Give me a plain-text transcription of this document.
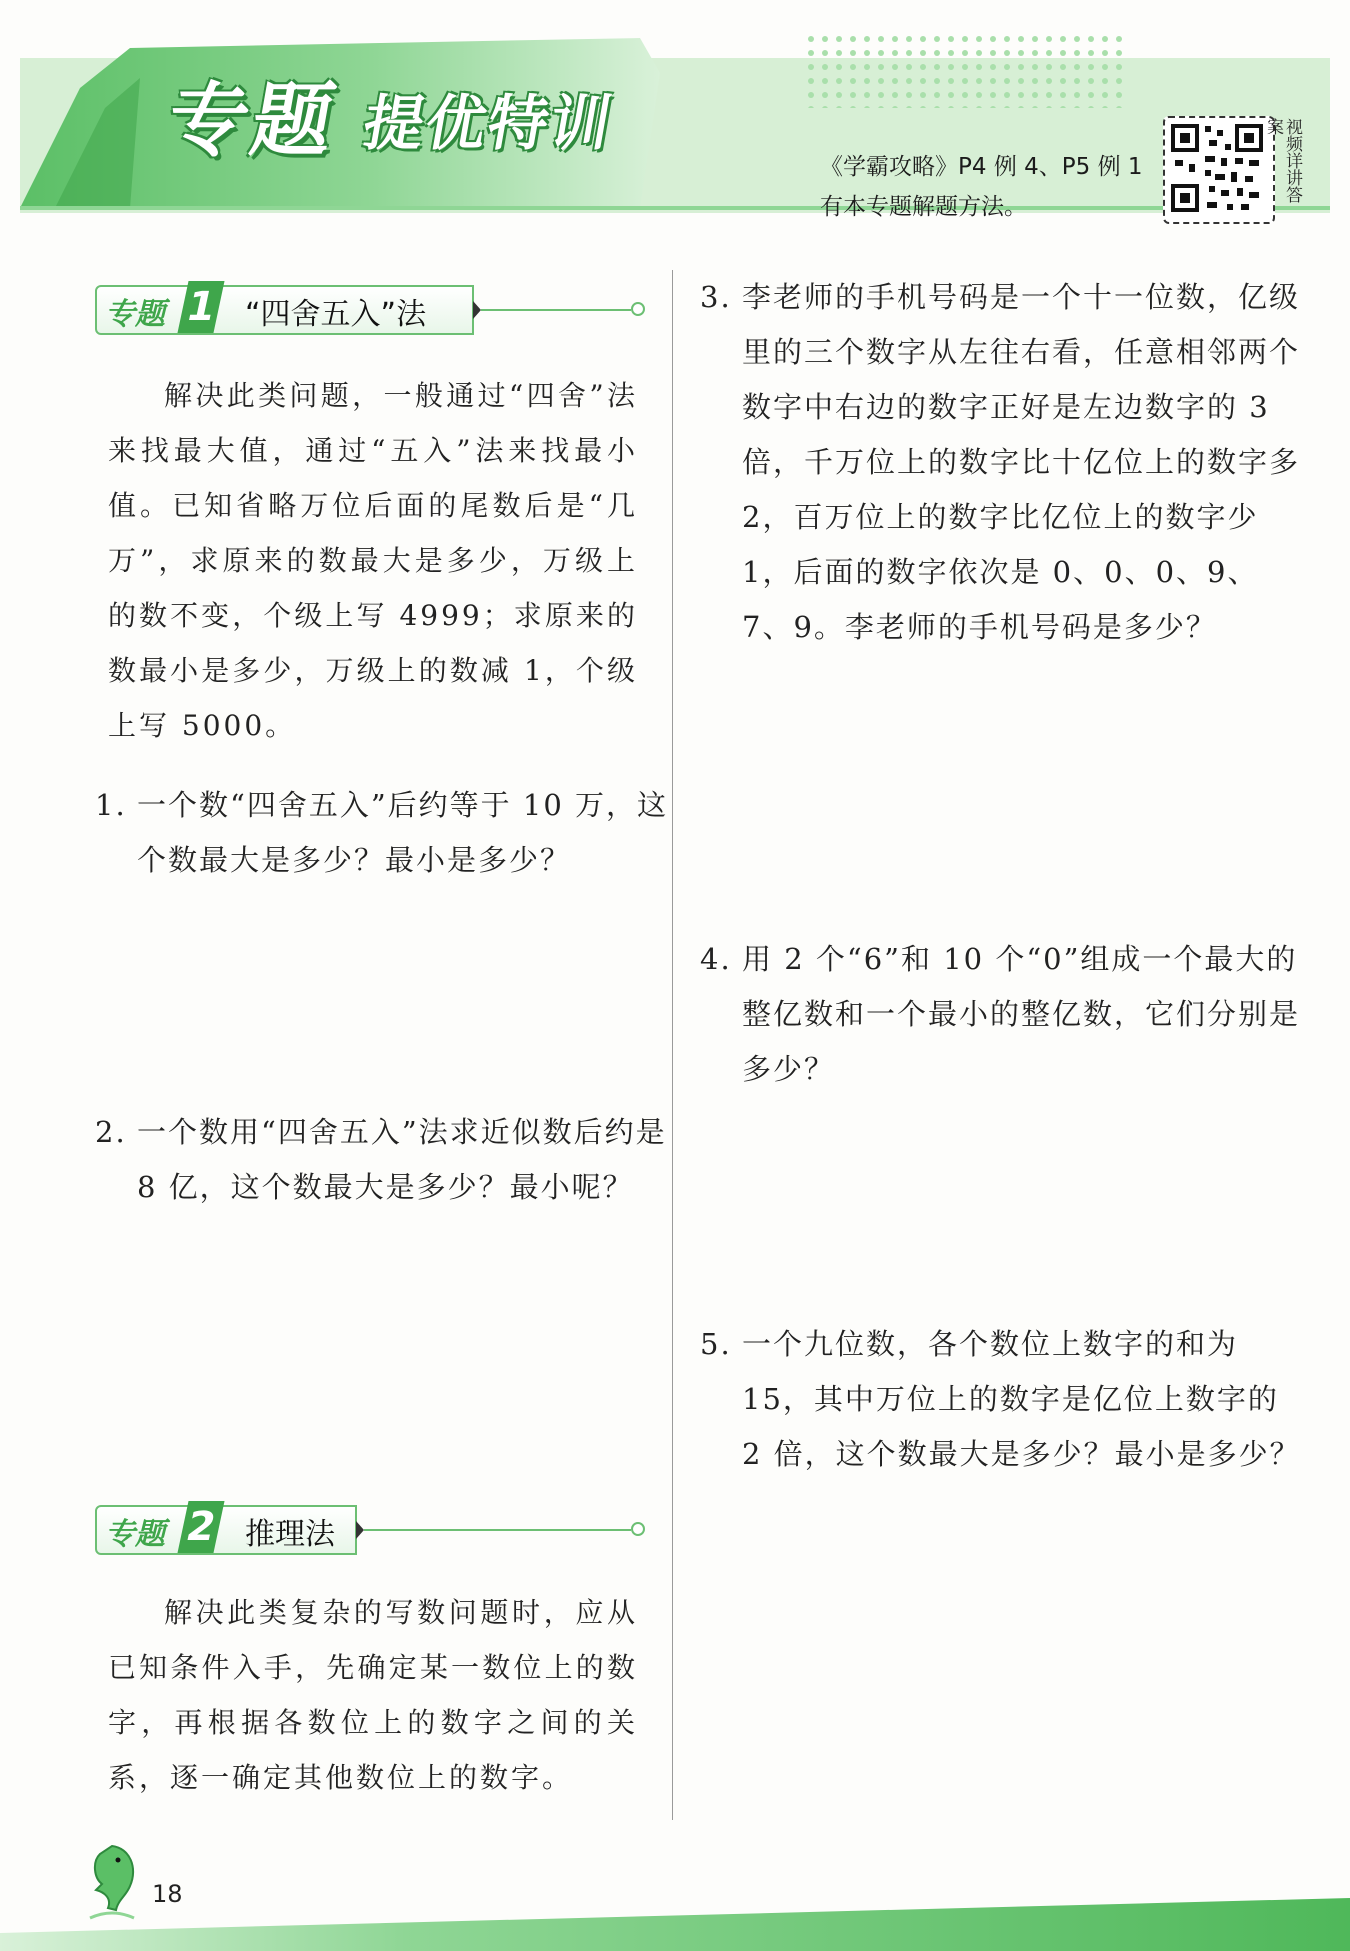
专题 提优特训
《学霸攻略》P4 例 4、P5 例 1
有本专题解题方法。
视频详讲答案
专题 1 “四舍五入”法
解决此类问题，一般通过“四舍”法来找最大值，通过“五入”法来找最小值。已知省略万位后面的尾数后是“几万”，求原来的数最大是多少，万级上的数不变，个级上写 4999；求原来的数最小是多少，万级上的数减 1，个级上写 5000。
1. 一个数“四舍五入”后约等于 10 万，这个数最大是多少？最小是多少？
2. 一个数用“四舍五入”法求近似数后约是 8 亿，这个数最大是多少？最小呢？
专题 2 推理法
解决此类复杂的写数问题时，应从已知条件入手，先确定某一数位上的数字，再根据各数位上的数字之间的关系，逐一确定其他数位上的数字。
3. 李老师的手机号码是一个十一位数，亿级里的三个数字从左往右看，任意相邻两个数字中右边的数字正好是左边数字的 3 倍，千万位上的数字比十亿位上的数字多 2，百万位上的数字比亿位上的数字少 1，后面的数字依次是 0、0、0、9、7、9。李老师的手机号码是多少？
4. 用 2 个“6”和 10 个“0”组成一个最大的整亿数和一个最小的整亿数，它们分别是多少？
5. 一个九位数，各个数位上数字的和为 15，其中万位上的数字是亿位上数字的 2 倍，这个数最大是多少？最小是多少？
18
